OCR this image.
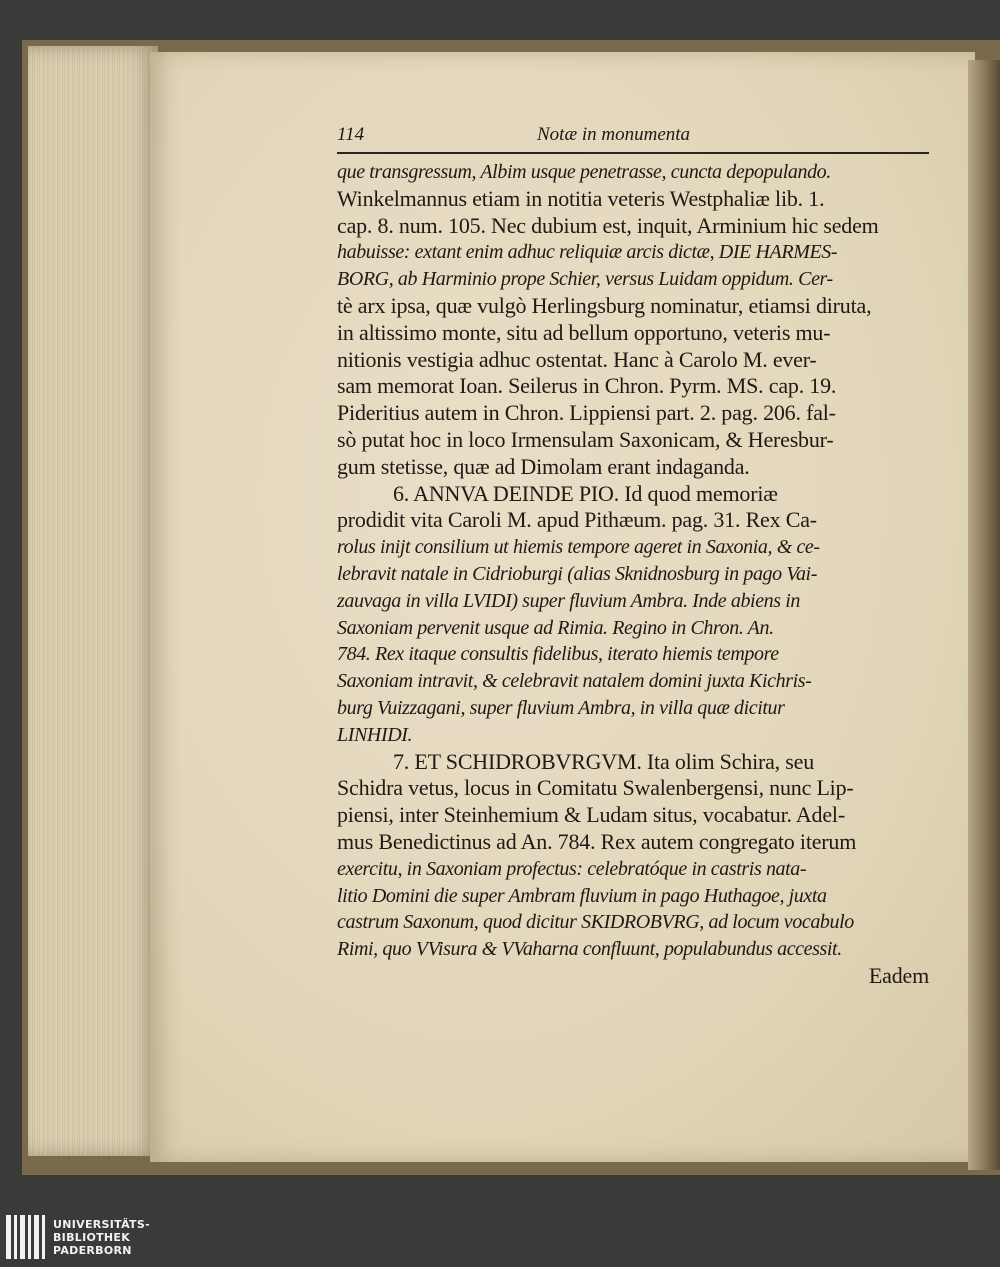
114	Notæ in monumenta
que transgressum, Albim usque penetrasse, cuncta depopulando.
Winkelmannus etiam in notitia veteris Westphaliæ lib. 1.
cap. 8. num. 105. Nec dubium est, inquit, Arminium hic sedem
habuisse: extant enim adhuc reliquiæ arcis dictæ, DIE HARMES-
BORG, ab Harminio prope Schier, versus Luidam oppidum. Cer-
tè arx ipsa, quæ vulgò Herlingsburg nominatur, etiamsi diruta,
in altissimo monte, situ ad bellum opportuno, veteris mu-
nitionis vestigia adhuc ostentat. Hanc à Carolo M. ever-
sam memorat Ioan. Seilerus in Chron. Pyrm. MS. cap. 19.
Pideritius autem in Chron. Lippiensi part. 2. pag. 206. fal-
sò putat hoc in loco Irmensulam Saxonicam, & Heresbur-
gum stetisse, quæ ad Dimolam erant indaganda.
6. ANNVA DEINDE PIO. Id quod memoriæ
prodidit vita Caroli M. apud Pithæum. pag. 31. Rex Ca-
rolus inijt consilium ut hiemis tempore ageret in Saxonia, & ce-
lebravit natale in Cidrioburgi (alias Sknidnosburg in pago Vai-
zauvaga in villa LVIDI) super fluvium Ambra. Inde abiens in
Saxoniam pervenit usque ad Rimia. Regino in Chron. An.
784. Rex itaque consultis fidelibus, iterato hiemis tempore
Saxoniam intravit, & celebravit natalem domini juxta Kichris-
burg Vuizzagani, super fluvium Ambra, in villa quæ dicitur
LINHIDI.
7. ET SCHIDROBVRGVM. Ita olim Schira, seu
Schidra vetus, locus in Comitatu Swalenbergensi, nunc Lip-
piensi, inter Steinhemium & Ludam situs, vocabatur. Adel-
mus Benedictinus ad An. 784. Rex autem congregato iterum
exercitu, in Saxoniam profectus: celebratóque in castris nata-
litio Domini die super Ambram fluvium in pago Huthagoe, juxta
castrum Saxonum, quod dicitur SKIDROBVRG, ad locum vocabulo
Rimi, quo VVisura & VVaharna confluunt, populabundus accessit.
Eadem
UNIVERSITÄTS-
BIBLIOTHEK
PADERBORN
